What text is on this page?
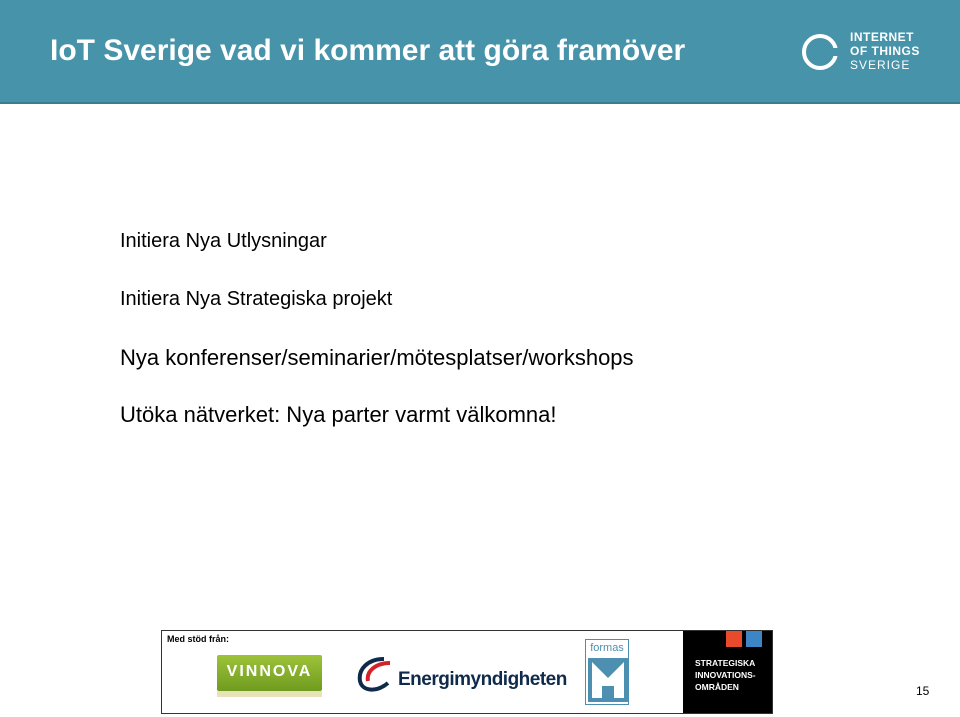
IoT Sverige vad vi kommer att göra framöver	INTERNET
OF THINGS
SVERIGE
Initiera Nya Utlysningar
Initiera Nya Strategiska projekt
Nya konferenser/seminarier/mötesplatser/workshops
Utöka nätverket: Nya parter varmt välkomna!
Med stöd från:
VINNOVA	Energimyndigheten
formas
STRATEGISKA
INNOVATIONS-
OMRÅDEN	15
